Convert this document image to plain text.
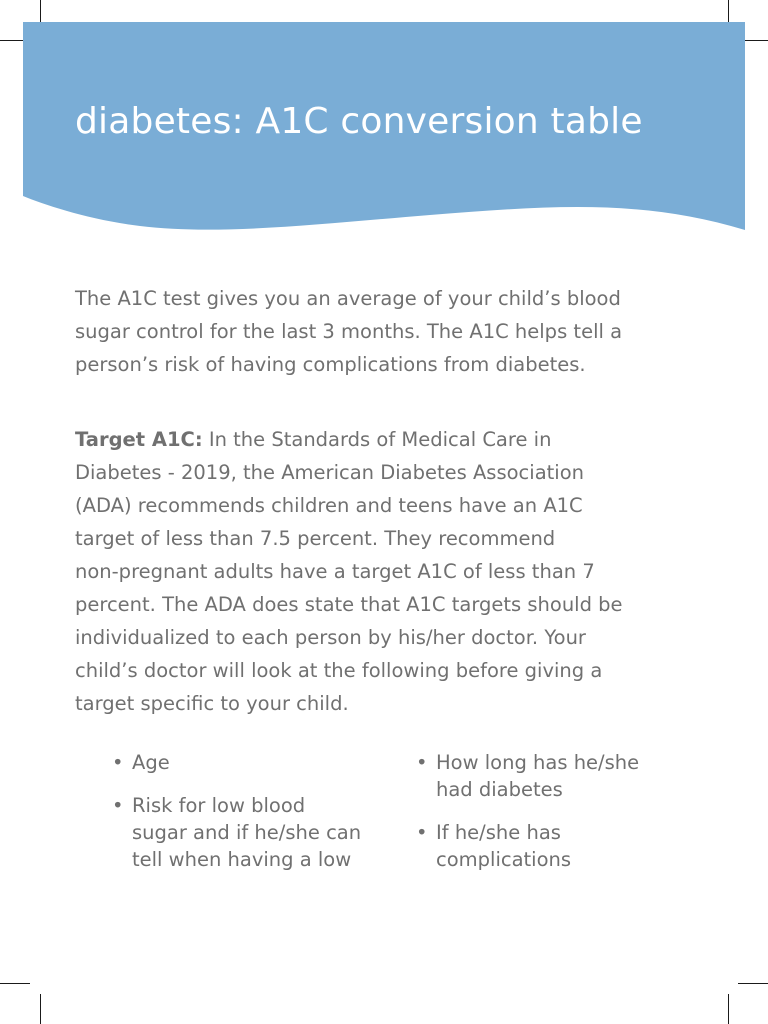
diabetes: A1C conversion table

The A1C test gives you an average of your child’s blood
sugar control for the last 3 months. The A1C helps tell a
person’s risk of having complications from diabetes.

Target A1C: In the Standards of Medical Care in
Diabetes - 2019, the American Diabetes Association
(ADA) recommends children and teens have an A1C
target of less than 7.5 percent. They recommend
non-pregnant adults have a target A1C of less than 7
percent. The ADA does state that A1C targets should be
individualized to each person by his/her doctor. Your
child’s doctor will look at the following before giving a
target specific to your child.

• Age
• Risk for low blood
sugar and if he/she can
tell when having a low
• How long has he/she
had diabetes
• If he/she has
complications
